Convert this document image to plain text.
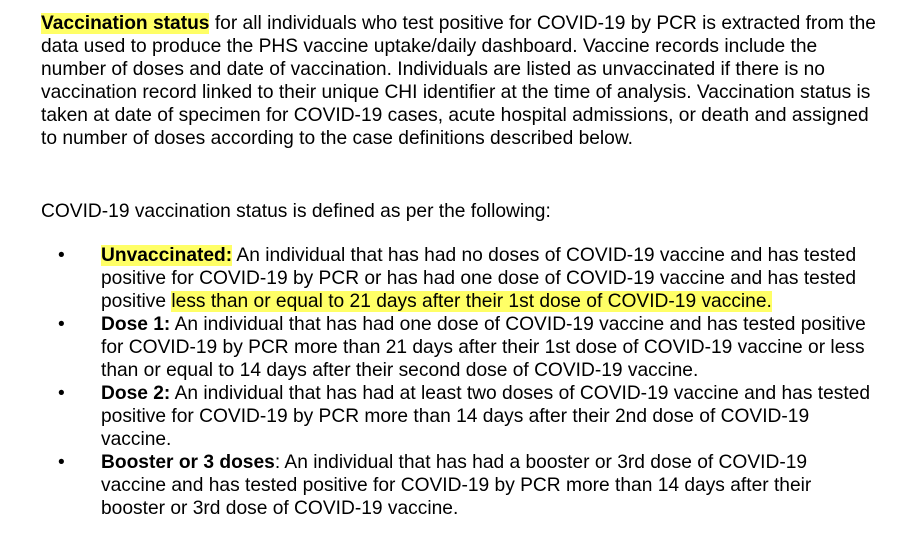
Vaccination status for all individuals who test positive for COVID-19 by PCR is extracted from the data used to produce the PHS vaccine uptake/daily dashboard. Vaccine records include the number of doses and date of vaccination. Individuals are listed as unvaccinated if there is no vaccination record linked to their unique CHI identifier at the time of analysis. Vaccination status is taken at date of specimen for COVID-19 cases, acute hospital admissions, or death and assigned to number of doses according to the case definitions described below.

COVID-19 vaccination status is defined as per the following:

• Unvaccinated: An individual that has had no doses of COVID-19 vaccine and has tested positive for COVID-19 by PCR or has had one dose of COVID-19 vaccine and has tested positive less than or equal to 21 days after their 1st dose of COVID-19 vaccine.
• Dose 1: An individual that has had one dose of COVID-19 vaccine and has tested positive for COVID-19 by PCR more than 21 days after their 1st dose of COVID-19 vaccine or less than or equal to 14 days after their second dose of COVID-19 vaccine.
• Dose 2: An individual that has had at least two doses of COVID-19 vaccine and has tested positive for COVID-19 by PCR more than 14 days after their 2nd dose of COVID-19 vaccine.
• Booster or 3 doses: An individual that has had a booster or 3rd dose of COVID-19 vaccine and has tested positive for COVID-19 by PCR more than 14 days after their booster or 3rd dose of COVID-19 vaccine.
